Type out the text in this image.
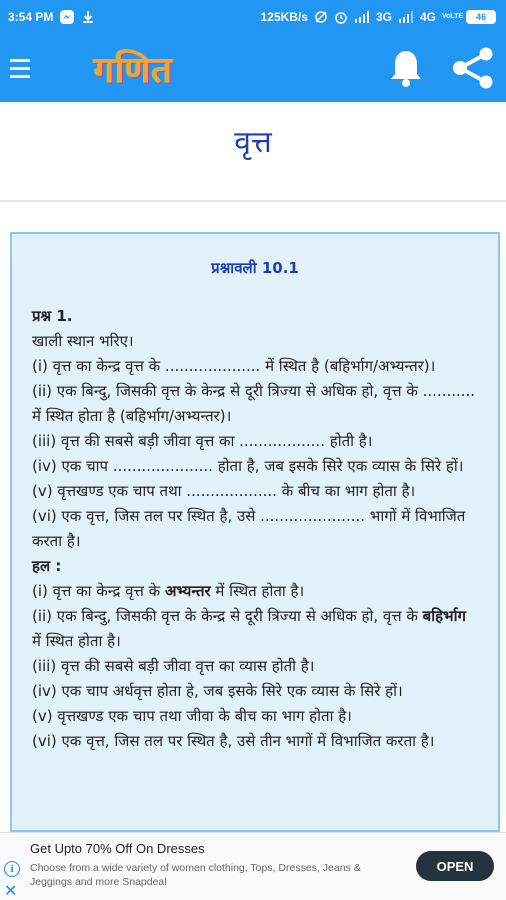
3:54 PM	125KB/s	3G 4G VoLTE	46
गणित
वृत्त
प्रश्नावली 10.1

प्रश्न 1.

खाली स्थान भरिए।

(i) वृत्त का केन्द्र वृत्त के .................... में स्थित है (बहिर्भाग/अभ्यन्तर)।

(ii) एक बिन्दु, जिसकी वृत्त के केन्द्र से दूरी त्रिज्या से अधिक हो, वृत्त के ........... में स्थित होता है (बहिर्भाग/अभ्यन्तर)।

(iii) वृत्त की सबसे बड़ी जीवा वृत्त का .................. होती है।

(iv) एक चाप ..................... होता है, जब इसके सिरे एक व्यास के सिरे हों।

(v) वृत्तखण्ड एक चाप तथा ................... के बीच का भाग होता है।

(vi) एक वृत्त, जिस तल पर स्थित है, उसे ...................... भागों में विभाजित करता है।

हल :

(i) वृत्त का केन्द्र वृत्त के अभ्यन्तर में स्थित होता है।

(ii) एक बिन्दु, जिसकी वृत्त के केन्द्र से दूरी त्रिज्या से अधिक हो, वृत्त के बहिर्भाग में स्थित होता है।

(iii) वृत्त की सबसे बड़ी जीवा वृत्त का व्यास होती है।

(iv) एक चाप अर्धवृत्त होता हे, जब इसके सिरे एक व्यास के सिरे हों।

(v) वृत्तखण्ड एक चाप तथा जीवा के बीच का भाग होता है।

(vi) एक वृत्त, जिस तल पर स्थित है, उसे तीन भागों में विभाजित करता है।

i
✕
Get Upto 70% Off On Dresses
Choose from a wide variety of women clothing, Tops, Dresses, Jeans & Jeggings and more Snapdeal
OPEN
